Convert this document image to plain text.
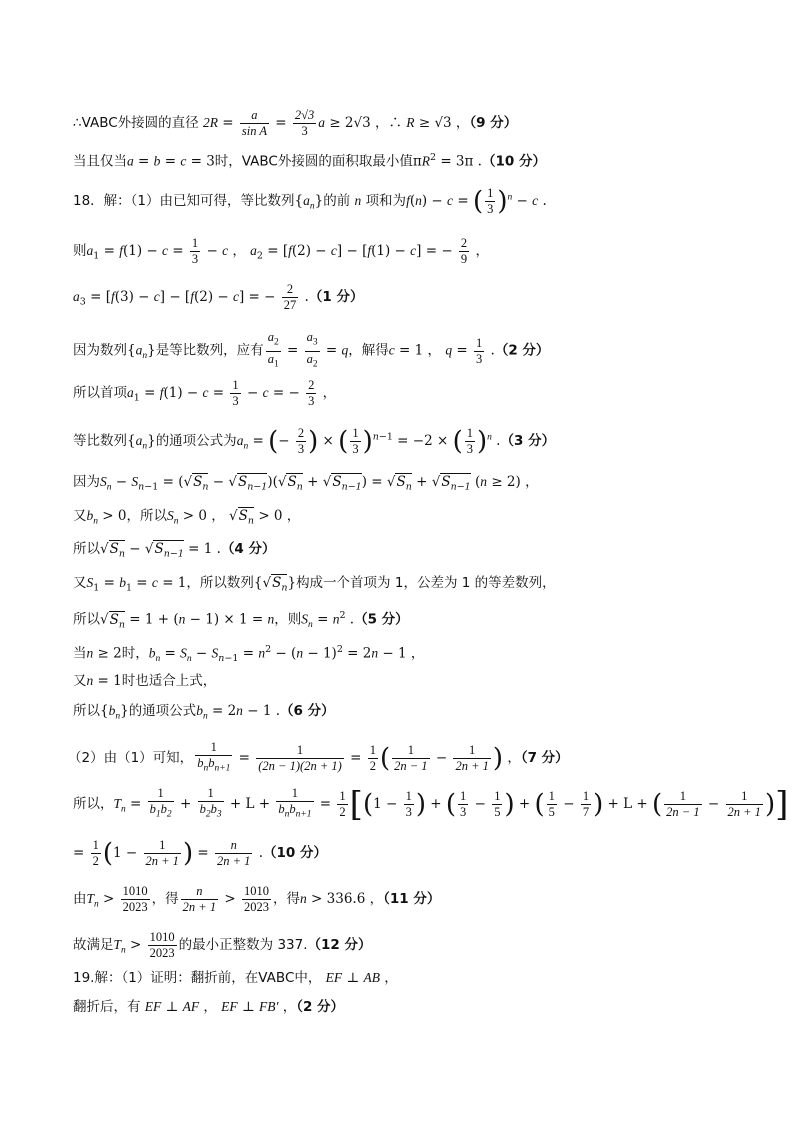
∴VABC外接圆的直径 $2R = \frac{a}{\text{sin A}} = \frac{2√3}{3}$ a ≥ 2√3 ，∴ R ≥ √3 ，（9 分）
当且仅当a = b = c = 3时，VABC外接圆的面积取最小值$\pi R^2 = 3\pi$ .（10 分）
18．解：（1）由已知可得，等比数列$\{a_n\}$的前 n 项和为f(n) − c = ( $\frac{1}{3} )^n - c$ .
则$a_1 = f(1) - c = \frac{1}{3} - c$ ， $a_2 = [f(2) - c] - [f(1) - c]$ = − $\frac{2}{9}$ ，
$a_3 = [f(3) - c] - [f(2) - c]$ = − $\frac{2}{27} .(1$ 分）
因为数列$\{a_n\}$是等比数列，应有 $\frac{a_2}{a_1} = \frac{a_3}{a_2} = q$，解得c = 1 ， $q = \frac{1}{3} .(2$ 分）
所以首项$a_1 = f(1) - c = \frac{1}{3} - c$ = − $\frac{2}{3}$ ，
等比数列$\{a_n\}$的通项公式为$a_n$ = (− $\frac{2}{3}$ ) × ( $\frac{1}{3} )^{n-1} = -2$ × ( $\frac{1}{3} )^n$ .（3 分）
因为$S_n - S_{n-1} = (√S_n - √S_{n-1})(√S_n + √S_{n-1}) = √S_n + √S_{n-1}$ (n ≥ 2) ，
又$b_n > 0$，所以$S_n > 0$ ， $√S_n > 0$ ，
所以$√S_n - √S_{n-1} = 1$ .（4 分）
又$S_1 = b_1 = c = 1$，所以数列$\{√S_n\}$构成一个首项为 1，公差为 1 的等差数列，
所以$√S_n = 1 + (n - 1) \times 1 = n$，则$S_n = n^2$ .（5 分）
当n ≥ 2时，$b_n = S_n - S_{n-1} = n^2 - (n - 1)^2 = 2n - 1$ ，
又n = 1时也适合上式，
所以$\{b_n\}$的通项公式$b_n = 2n - 1$ .（6 分）
（2）由（1）可知， $\frac{1}{b_nb_{n+1}} = \frac{1}{(2n - 1)(2n + 1)} = \frac{1}{2}$ ( $\frac{1}{2n - 1} - \frac{1}{2n + 1}$ ) ，（7 分）
所以，$T_n = \frac{1}{b_1b_2} + \frac{1}{b_2b_3} + L + \frac{1}{b_nb_{n+1}} = \frac{1}{2} [(1 - \frac{1}{3}$ ) + ( $\frac{1}{3} - \frac{1}{5}$ ) + ( $\frac{1}{5} - \frac{1}{7}$ ) + L + ( $\frac{1}{2n - 1} - \frac{1}{2n + 1}$ )]
= $\frac{1}{2} (1 - \frac{1}{2n + 1}$ ) = $\frac{n}{2n + 1} .(10$ 分）
由$T_n > \frac{1010}{2023}$ ，得 $\frac{n}{2n + 1} > \frac{1010}{2023}$ ，得n > 336.6 ，（11 分）
故满足$T_n > \frac{1010}{2023}$ 的最小正整数为 337.（12 分）
19.解：（1）证明：翻折前，在VABC中， EF ⊥ AB ，
翻折后，有 EF ⊥ AF ， EF ⊥ FB′ ，（2 分）
